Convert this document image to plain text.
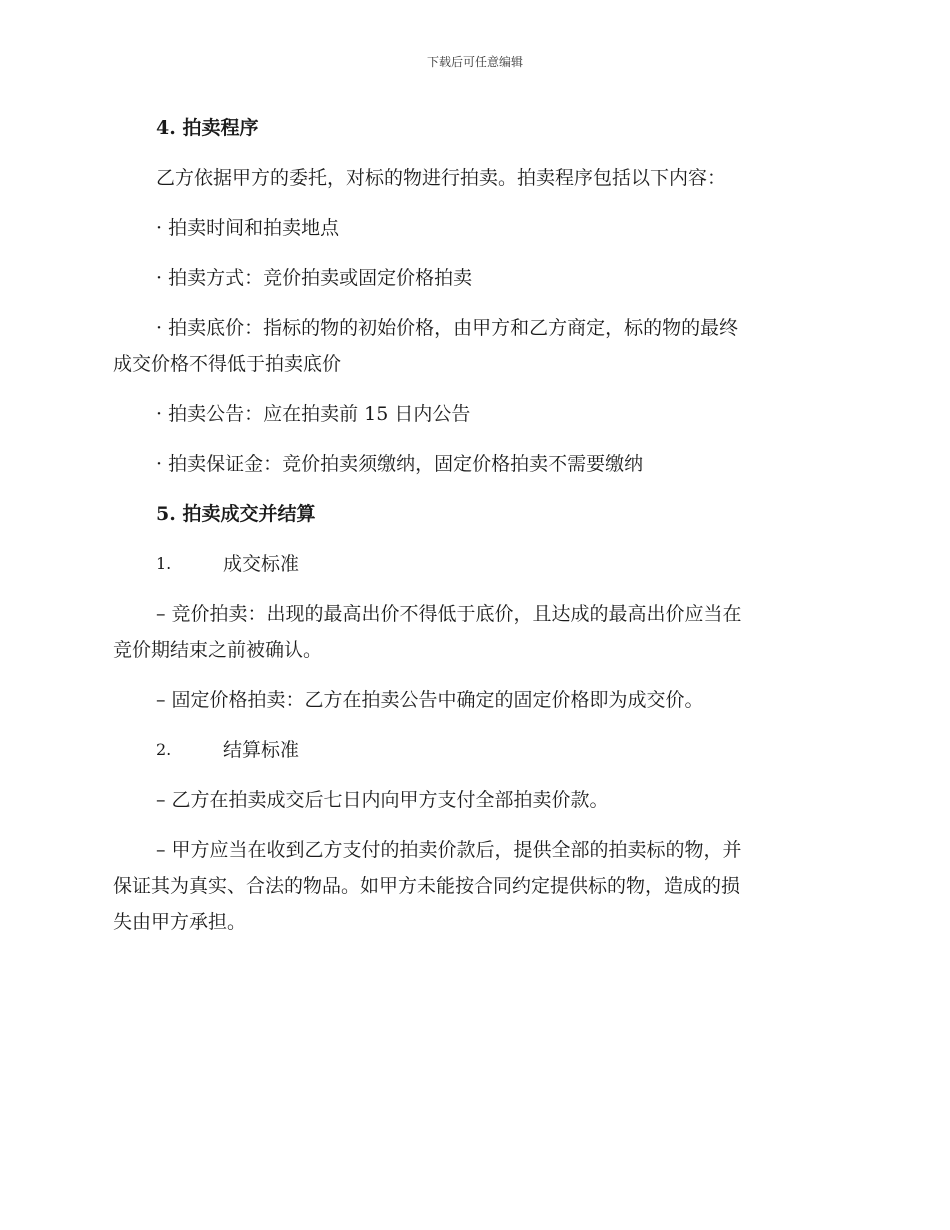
下载后可任意编辑

4. 拍卖程序

乙方依据甲方的委托，对标的物进行拍卖。拍卖程序包括以下内容：

· 拍卖时间和拍卖地点

· 拍卖方式：竞价拍卖或固定价格拍卖

· 拍卖底价：指标的物的初始价格，由甲方和乙方商定，标的物的最终

成交价格不得低于拍卖底价

· 拍卖公告：应在拍卖前 15 日内公告

· 拍卖保证金：竞价拍卖须缴纳，固定价格拍卖不需要缴纳

5. 拍卖成交并结算

1.	成交标准

– 竞价拍卖：出现的最高出价不得低于底价，且达成的最高出价应当在

竞价期结束之前被确认。

– 固定价格拍卖：乙方在拍卖公告中确定的固定价格即为成交价。

2.	结算标准

– 乙方在拍卖成交后七日内向甲方支付全部拍卖价款。

– 甲方应当在收到乙方支付的拍卖价款后，提供全部的拍卖标的物，并

保证其为真实、合法的物品。如甲方未能按合同约定提供标的物，造成的损

失由甲方承担。
